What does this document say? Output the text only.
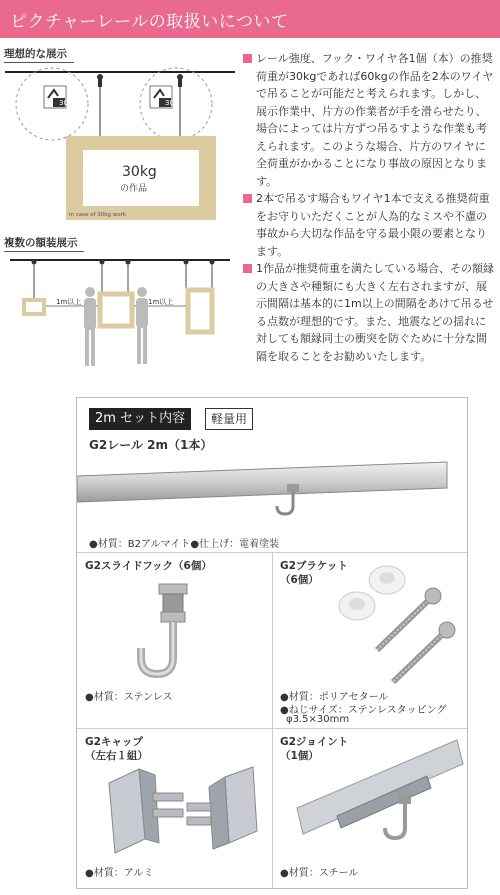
ピクチャーレールの取扱いについて
理想的な展示
30	30
30kg
の作品
In case of 30kg work
複数の額装展示
1m以上	1m以上

レール強度、フック・ワイヤ各1個（本）の推奨荷重が30kgであれば60kgの作品を2本のワイヤで吊ることが可能だと考えられます。しかし、展示作業中、片方の作業者が手を滑らせたり、場合によっては片方ずつ吊るすような作業も考えられます。このような場合、片方のワイヤに全荷重がかかることになり事故の原因となります。

2本で吊るす場合もワイヤ1本で支える推奨荷重をお守りいただくことが人為的なミスや不慮の事故から大切な作品を守る最小限の要素となります。

1作品が推奨荷重を満たしている場合、その額縁の大きさや種類にも大きく左右されますが、展示間隔は基本的に1m以上の間隔をあけて吊るせる点数が理想的です。また、地震などの揺れに対しても額縁同士の衝突を防ぐために十分な間隔を取ることをお勧めいたします。

2m セット内容	軽量用
G2レール 2m（1本）
●材質：B2アルマイト●仕上げ：電着塗装
G2スライドフック（6個）
●材質：ステンレス
G2ブラケット
（6個）
●材質：ポリアセタール
●ねじサイズ：ステンレスタッピング
φ3.5×30mm
G2キャップ
（左右１組）
●材質：アルミ
G2ジョイント
（1個）
●材質：スチール
